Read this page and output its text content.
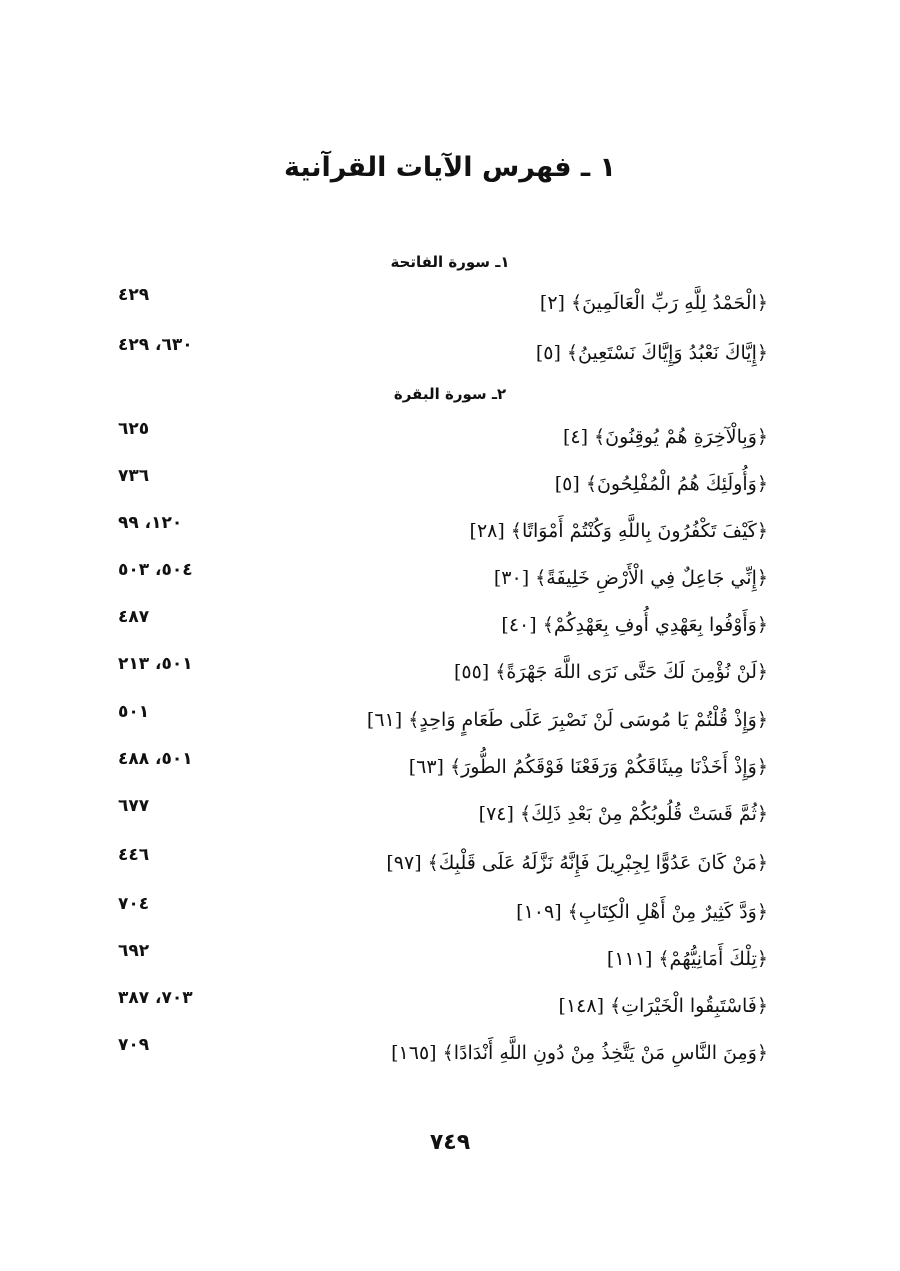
١ ـ فهرس الآيات القرآنية
١ـ سورة الفاتحة
﴿الْحَمْدُ لِلَّهِ رَبِّ الْعَالَمِينَ﴾ [٢]
٤٢٩
﴿إِيَّاكَ نَعْبُدُ وَإِيَّاكَ نَسْتَعِينُ﴾ [٥]
٦٣٠، ٤٢٩
٢ـ سورة البقرة
﴿وَبِالْآخِرَةِ هُمْ يُوقِنُونَ﴾ [٤]
٦٢٥
﴿وَأُولَئِكَ هُمُ الْمُفْلِحُونَ﴾ [٥]
٧٣٦
﴿كَيْفَ تَكْفُرُونَ بِاللَّهِ وَكُنْتُمْ أَمْوَاتًا﴾ [٢٨]
١٢٠، ٩٩
﴿إِنِّي جَاعِلٌ فِي الْأَرْضِ خَلِيفَةً﴾ [٣٠]
٥٠٤، ٥٠٣
﴿وَأَوْفُوا بِعَهْدِي أُوفِ بِعَهْدِكُمْ﴾ [٤٠]
٤٨٧
﴿لَنْ نُؤْمِنَ لَكَ حَتَّى نَرَى اللَّهَ جَهْرَةً﴾ [٥٥]
٥٠١، ٢١٣
﴿وَإِذْ قُلْتُمْ يَا مُوسَى لَنْ نَصْبِرَ عَلَى طَعَامٍ وَاحِدٍ﴾ [٦١]
٥٠١
﴿وَإِذْ أَخَذْنَا مِيثَاقَكُمْ وَرَفَعْنَا فَوْقَكُمُ الطُّورَ﴾ [٦٣]
٥٠١، ٤٨٨
﴿ثُمَّ قَسَتْ قُلُوبُكُمْ مِنْ بَعْدِ ذَلِكَ﴾ [٧٤]
٦٧٧
﴿مَنْ كَانَ عَدُوًّا لِجِبْرِيلَ فَإِنَّهُ نَزَّلَهُ عَلَى قَلْبِكَ﴾ [٩٧]
٤٤٦
﴿وَدَّ كَثِيرٌ مِنْ أَهْلِ الْكِتَابِ﴾ [١٠٩]
٧٠٤
﴿تِلْكَ أَمَانِيُّهُمْ﴾ [١١١]
٦٩٢
﴿فَاسْتَبِقُوا الْخَيْرَاتِ﴾ [١٤٨]
٧٠٣، ٣٨٧
﴿وَمِنَ النَّاسِ مَنْ يَتَّخِذُ مِنْ دُونِ اللَّهِ أَنْدَادًا﴾ [١٦٥]
٧٠٩
٧٤٩
